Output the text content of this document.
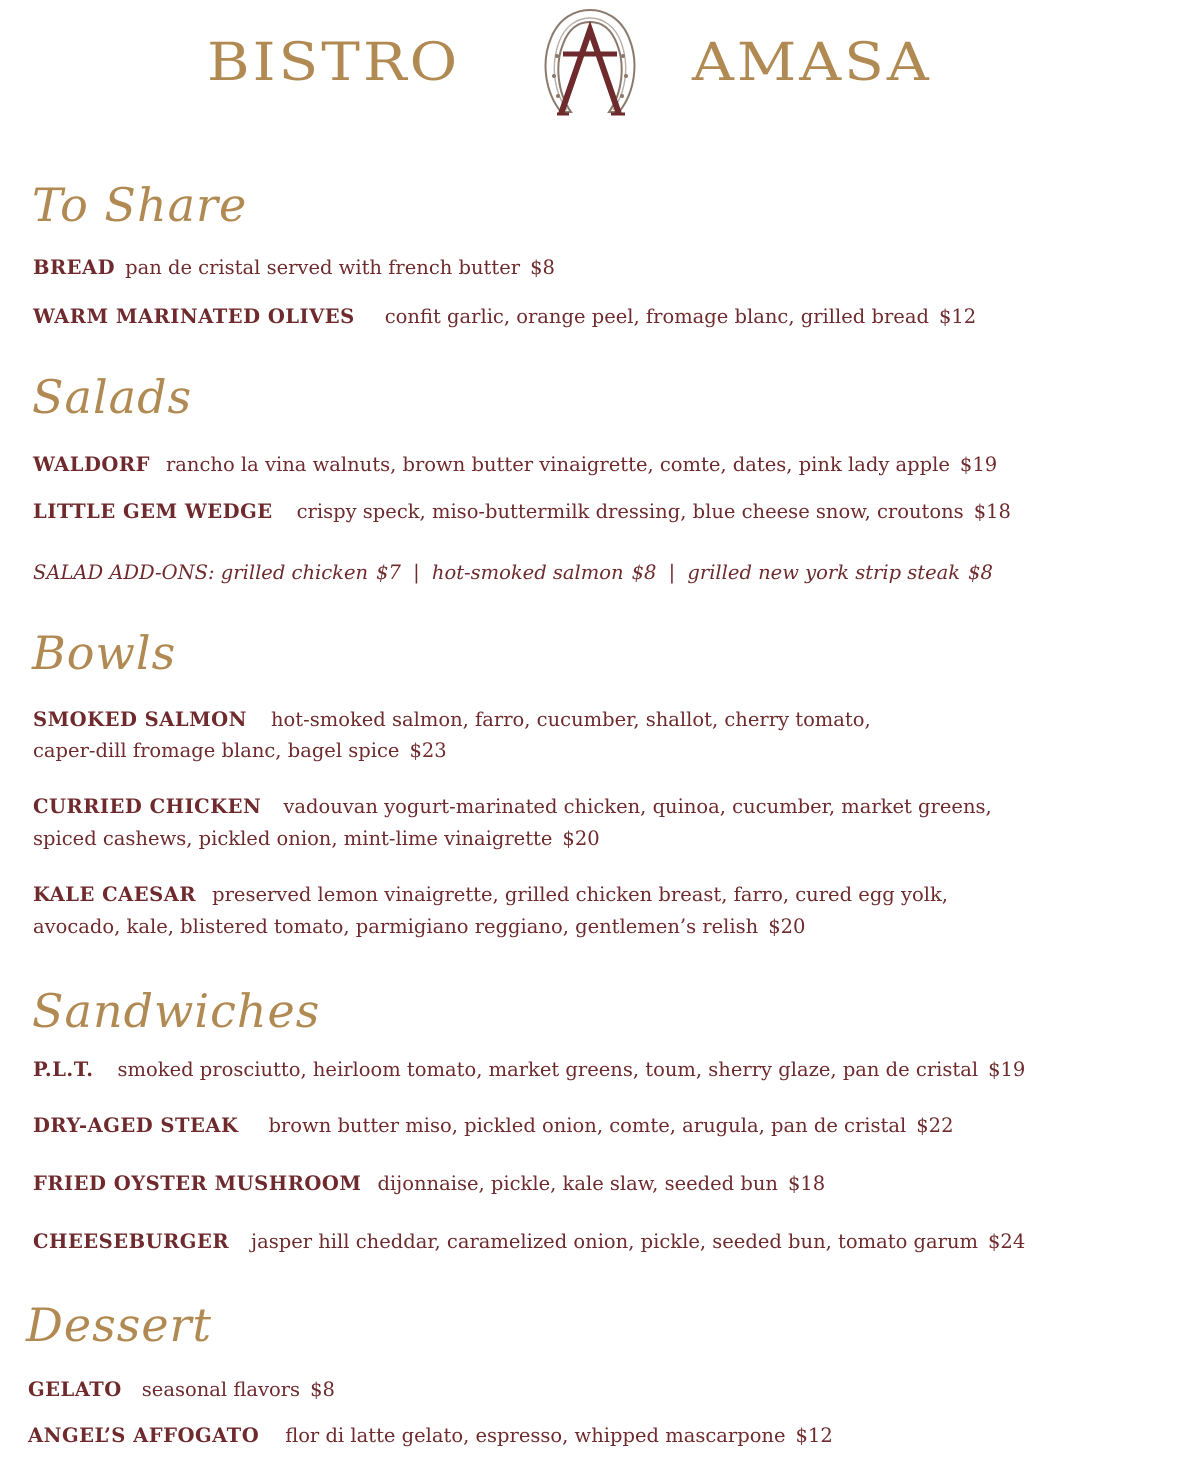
BISTRO	AMASA
To Share
BREAD pan de cristal served with french butter $8
WARM MARINATED OLIVES confit garlic, orange peel, fromage blanc, grilled bread $12
Salads
WALDORF rancho la vina walnuts, brown butter vinaigrette, comte, dates, pink lady apple $19
LITTLE GEM WEDGE crispy speck, miso-buttermilk dressing, blue cheese snow, croutons $18
SALAD ADD-ONS: grilled chicken $7 | hot-smoked salmon $8 | grilled new york strip steak $8
Bowls
SMOKED SALMON hot-smoked salmon, farro, cucumber, shallot, cherry tomato,
caper-dill fromage blanc, bagel spice $23
CURRIED CHICKEN vadouvan yogurt-marinated chicken, quinoa, cucumber, market greens,
spiced cashews, pickled onion, mint-lime vinaigrette $20
KALE CAESAR preserved lemon vinaigrette, grilled chicken breast, farro, cured egg yolk,
avocado, kale, blistered tomato, parmigiano reggiano, gentlemen’s relish $20
Sandwiches
P.L.T. smoked prosciutto, heirloom tomato, market greens, toum, sherry glaze, pan de cristal $19
DRY-AGED STEAK brown butter miso, pickled onion, comte, arugula, pan de cristal $22
FRIED OYSTER MUSHROOM dijonnaise, pickle, kale slaw, seeded bun $18
CHEESEBURGER jasper hill cheddar, caramelized onion, pickle, seeded bun, tomato garum $24
Dessert
GELATO seasonal flavors $8
ANGEL’S AFFOGATO flor di latte gelato, espresso, whipped mascarpone $12
